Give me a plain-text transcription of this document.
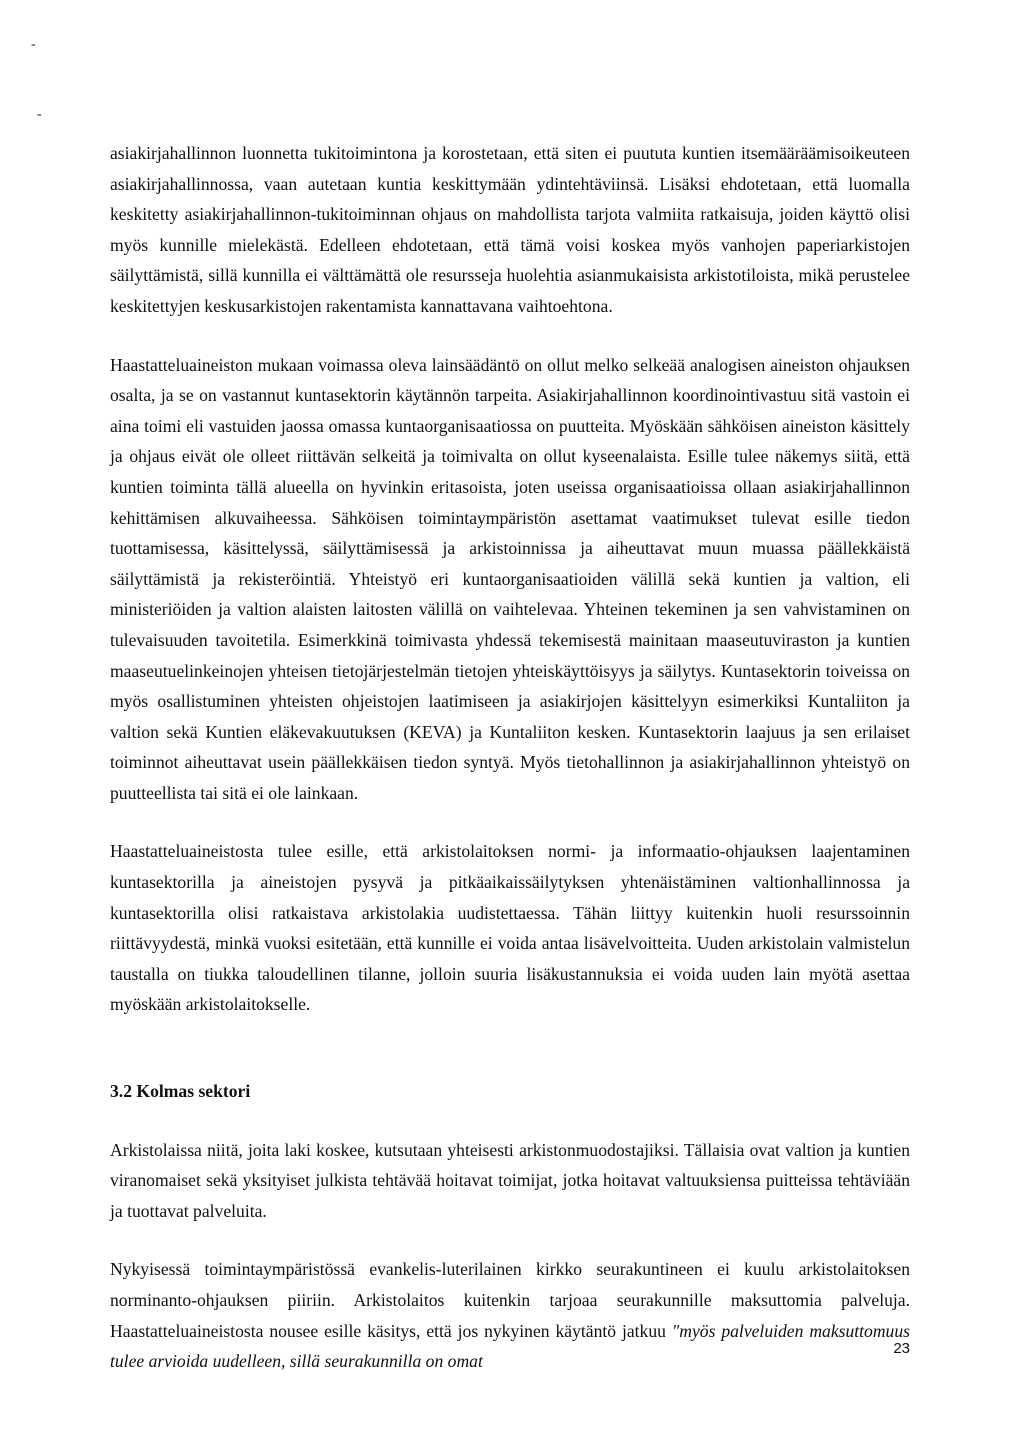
-
-

asiakirjahallinnon luonnetta tukitoimintona ja korostetaan, että siten ei puututa kuntien itsemääräämisoikeuteen asiakirjahallinnossa, vaan autetaan kuntia keskittymään ydintehtäviinsä. Lisäksi ehdotetaan, että luomalla keskitetty asiakirjahallinnon-tukitoiminnan ohjaus on mahdollista tarjota valmiita ratkaisuja, joiden käyttö olisi myös kunnille mielekästä. Edelleen ehdotetaan, että tämä voisi koskea myös vanhojen paperiarkistojen säilyttämistä, sillä kunnilla ei välttämättä ole resursseja huolehtia asianmukaisista arkistotiloista, mikä perustelee keskitettyjen keskusarkistojen rakentamista kannattavana vaihtoehtona.

Haastatteluaineiston mukaan voimassa oleva lainsäädäntö on ollut melko selkeää analogisen aineiston ohjauksen osalta, ja se on vastannut kuntasektorin käytännön tarpeita. Asiakirjahallinnon koordinointivastuu sitä vastoin ei aina toimi eli vastuiden jaossa omassa kuntaorganisaatiossa on puutteita. Myöskään sähköisen aineiston käsittely ja ohjaus eivät ole olleet riittävän selkeitä ja toimivalta on ollut kyseenalaista. Esille tulee näkemys siitä, että kuntien toiminta tällä alueella on hyvinkin eritasoista, joten useissa organisaatioissa ollaan asiakirjahallinnon kehittämisen alkuvaiheessa. Sähköisen toimintaympäristön asettamat vaatimukset tulevat esille tiedon tuottamisessa, käsittelyssä, säilyttämisessä ja arkistoinnissa ja aiheuttavat muun muassa päällekkäistä säilyttämistä ja rekisteröintiä. Yhteistyö eri kuntaorganisaatioiden välillä sekä kuntien ja valtion, eli ministeriöiden ja valtion alaisten laitosten välillä on vaihtelevaa. Yhteinen tekeminen ja sen vahvistaminen on tulevaisuuden tavoitetila. Esimerkkinä toimivasta yhdessä tekemisestä mainitaan maaseutuviraston ja kuntien maaseutuelinkeinojen yhteisen tietojärjestelmän tietojen yhteiskäyttöisyys ja säilytys. Kuntasektorin toiveissa on myös osallistuminen yhteisten ohjeistojen laatimiseen ja asiakirjojen käsittelyyn esimerkiksi Kuntaliiton ja valtion sekä Kuntien eläkevakuutuksen (KEVA) ja Kuntaliiton kesken. Kuntasektorin laajuus ja sen erilaiset toiminnot aiheuttavat usein päällekkäisen tiedon syntyä. Myös tietohallinnon ja asiakirjahallinnon yhteistyö on puutteellista tai sitä ei ole lainkaan.

Haastatteluaineistosta tulee esille, että arkistolaitoksen normi- ja informaatio-ohjauksen laajentaminen kuntasektorilla ja aineistojen pysyvä ja pitkäaikaissäilytyksen yhtenäistäminen valtionhallinnossa ja kuntasektorilla olisi ratkaistava arkistolakia uudistettaessa. Tähän liittyy kuitenkin huoli resurssoinnin riittävyydestä, minkä vuoksi esitetään, että kunnille ei voida antaa lisävelvoitteita. Uuden arkistolain valmistelun taustalla on tiukka taloudellinen tilanne, jolloin suuria lisäkustannuksia ei voida uuden lain myötä asettaa myöskään arkistolaitokselle.

3.2 Kolmas sektori

Arkistolaissa niitä, joita laki koskee, kutsutaan yhteisesti arkistonmuodostajiksi. Tällaisia ovat valtion ja kuntien viranomaiset sekä yksityiset julkista tehtävää hoitavat toimijat, jotka hoitavat valtuuksiensa puitteissa tehtäviään ja tuottavat palveluita.

Nykyisessä toimintaympäristössä evankelis-luterilainen kirkko seurakuntineen ei kuulu arkistolaitoksen norminanto-ohjauksen piiriin. Arkistolaitos kuitenkin tarjoaa seurakunnille maksuttomia palveluja. Haastatteluaineistosta nousee esille käsitys, että jos nykyinen käytäntö jatkuu "myös palveluiden maksuttomuus tulee arvioida uudelleen, sillä seurakunnilla on omat

23
